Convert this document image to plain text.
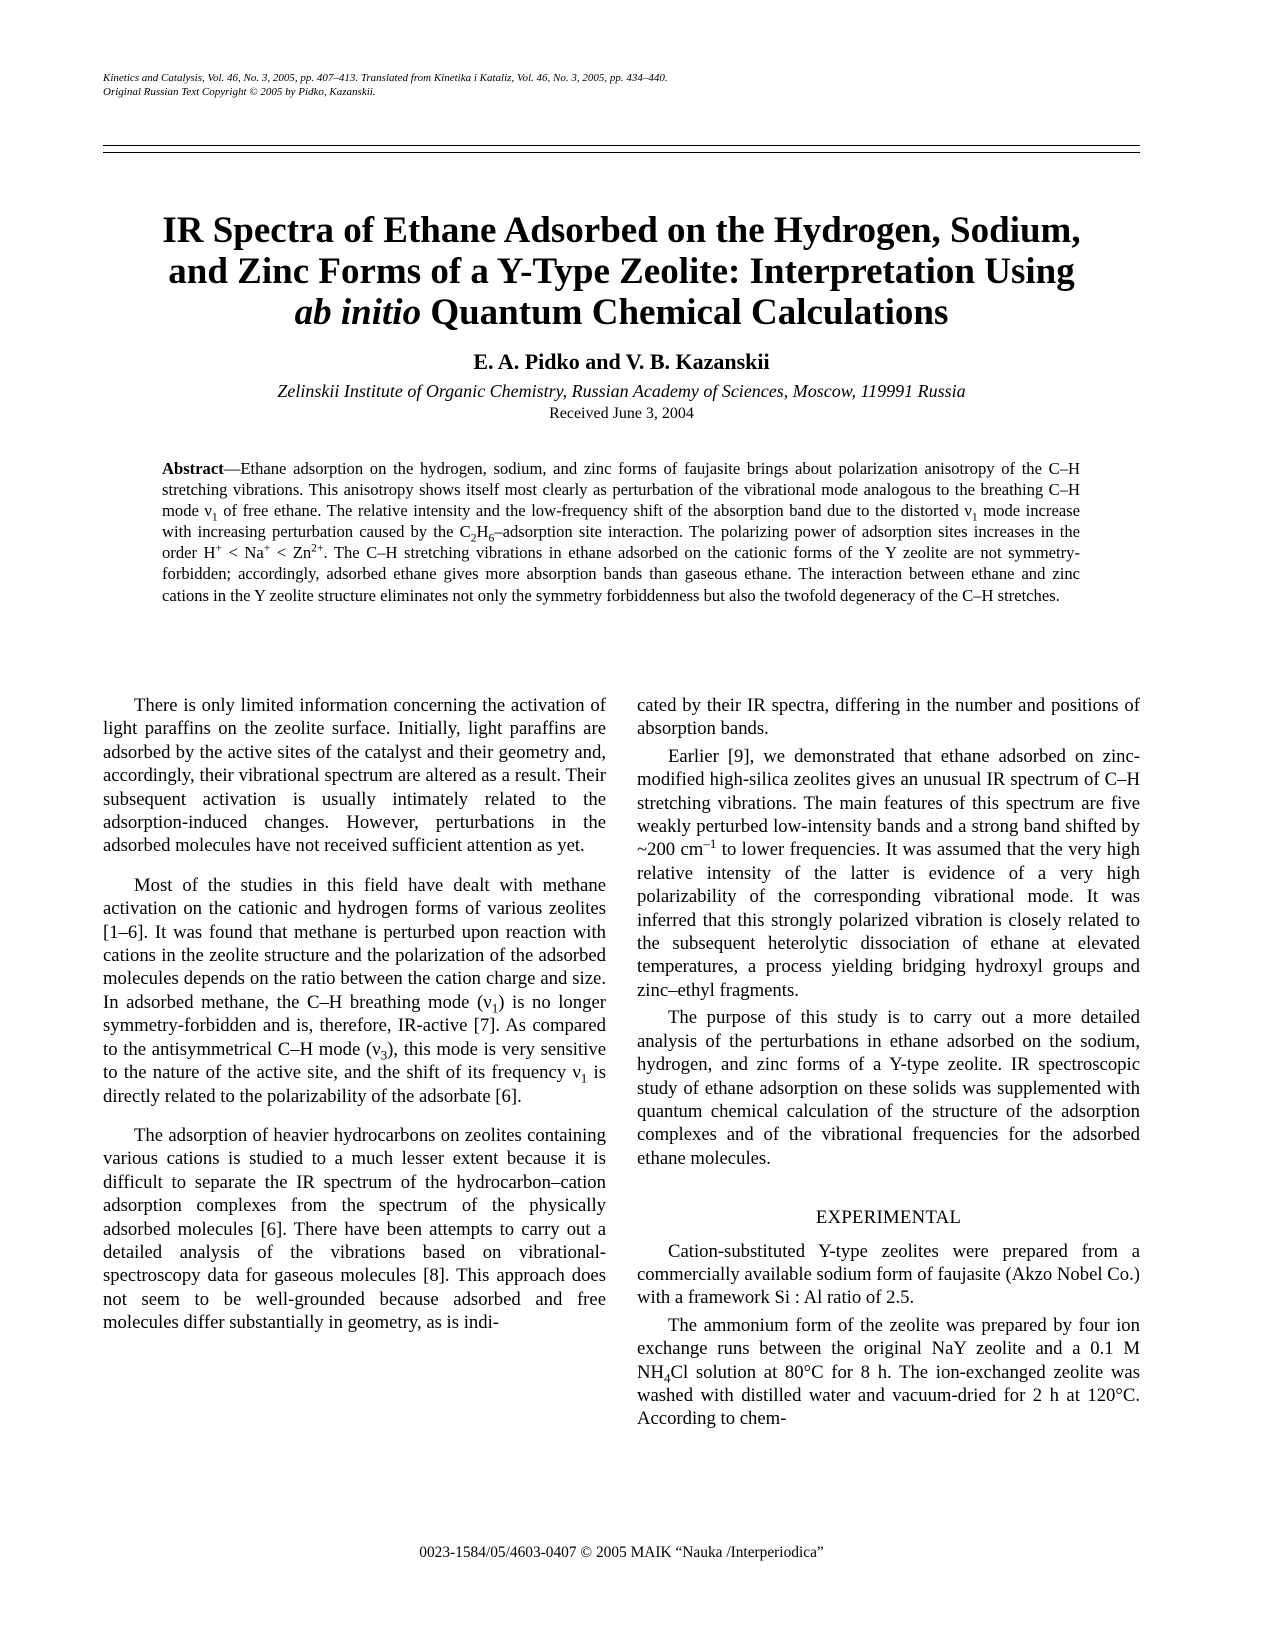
Kinetics and Catalysis, Vol. 46, No. 3, 2005, pp. 407–413. Translated from Kinetika i Kataliz, Vol. 46, No. 3, 2005, pp. 434–440.
Original Russian Text Copyright © 2005 by Pidko, Kazanskii.
IR Spectra of Ethane Adsorbed on the Hydrogen, Sodium,
and Zinc Forms of a Y-Type Zeolite: Interpretation Using
ab initio Quantum Chemical Calculations
E. A. Pidko and V. B. Kazanskii
Zelinskii Institute of Organic Chemistry, Russian Academy of Sciences, Moscow, 119991 Russia
Received June 3, 2004
Abstract—Ethane adsorption on the hydrogen, sodium, and zinc forms of faujasite brings about polarization anisotropy of the C–H stretching vibrations. This anisotropy shows itself most clearly as perturbation of the vibrational mode analogous to the breathing C–H mode $\nu_1$ of free ethane. The relative intensity and the low-frequency shift of the absorption band due to the distorted $\nu_1$ mode increase with increasing perturbation caused by the $C_2H_6$–adsorption site interaction. The polarizing power of adsorption sites increases in the order $H^+ < Na^+ < Zn^{2+}$. The C–H stretching vibrations in ethane adsorbed on the cationic forms of the Y zeolite are not symmetry-forbidden; accordingly, adsorbed ethane gives more absorption bands than gaseous ethane. The interaction between ethane and zinc cations in the Y zeolite structure eliminates not only the symmetry forbiddenness but also the twofold degeneracy of the C–H stretches.

There is only limited information concerning the activation of light paraffins on the zeolite surface. Initially, light paraffins are adsorbed by the active sites of the catalyst and their geometry and, accordingly, their vibrational spectrum are altered as a result. Their subsequent activation is usually intimately related to the adsorption-induced changes. However, perturbations in the adsorbed molecules have not received sufficient attention as yet.

Most of the studies in this field have dealt with methane activation on the cationic and hydrogen forms of various zeolites [1–6]. It was found that methane is perturbed upon reaction with cations in the zeolite structure and the polarization of the adsorbed molecules depends on the ratio between the cation charge and size. In adsorbed methane, the C–H breathing mode $(\nu_1)$ is no longer symmetry-forbidden and is, therefore, IR-active [7]. As compared to the antisymmetrical C–H mode $(\nu_3)$, this mode is very sensitive to the nature of the active site, and the shift of its frequency $\nu_1$ is directly related to the polarizability of the adsorbate [6].

The adsorption of heavier hydrocarbons on zeolites containing various cations is studied to a much lesser extent because it is difficult to separate the IR spectrum of the hydrocarbon–cation adsorption complexes from the spectrum of the physically adsorbed molecules [6]. There have been attempts to carry out a detailed analysis of the vibrations based on vibrational-spectroscopy data for gaseous molecules [8]. This approach does not seem to be well-grounded because adsorbed and free molecules differ substantially in geometry, as is indi-

cated by their IR spectra, differing in the number and positions of absorption bands.

Earlier [9], we demonstrated that ethane adsorbed on zinc-modified high-silica zeolites gives an unusual IR spectrum of C–H stretching vibrations. The main features of this spectrum are five weakly perturbed low-intensity bands and a strong band shifted by ~200 $cm^{-1}$ to lower frequencies. It was assumed that the very high relative intensity of the latter is evidence of a very high polarizability of the corresponding vibrational mode. It was inferred that this strongly polarized vibration is closely related to the subsequent heterolytic dissociation of ethane at elevated temperatures, a process yielding bridging hydroxyl groups and zinc–ethyl fragments.

The purpose of this study is to carry out a more detailed analysis of the perturbations in ethane adsorbed on the sodium, hydrogen, and zinc forms of a Y-type zeolite. IR spectroscopic study of ethane adsorption on these solids was supplemented with quantum chemical calculation of the structure of the adsorption complexes and of the vibrational frequencies for the adsorbed ethane molecules.

EXPERIMENTAL

Cation-substituted Y-type zeolites were prepared from a commercially available sodium form of faujasite (Akzo Nobel Co.) with a framework Si : Al ratio of 2.5.

The ammonium form of the zeolite was prepared by four ion exchange runs between the original NaY zeolite and a 0.1 M $NH_4Cl$ solution at 80°C for 8 h. The ion-exchanged zeolite was washed with distilled water and vacuum-dried for 2 h at 120°C. According to chem-

0023-1584/05/4603-0407 © 2005 MAIK “Nauka /Interperiodica”
